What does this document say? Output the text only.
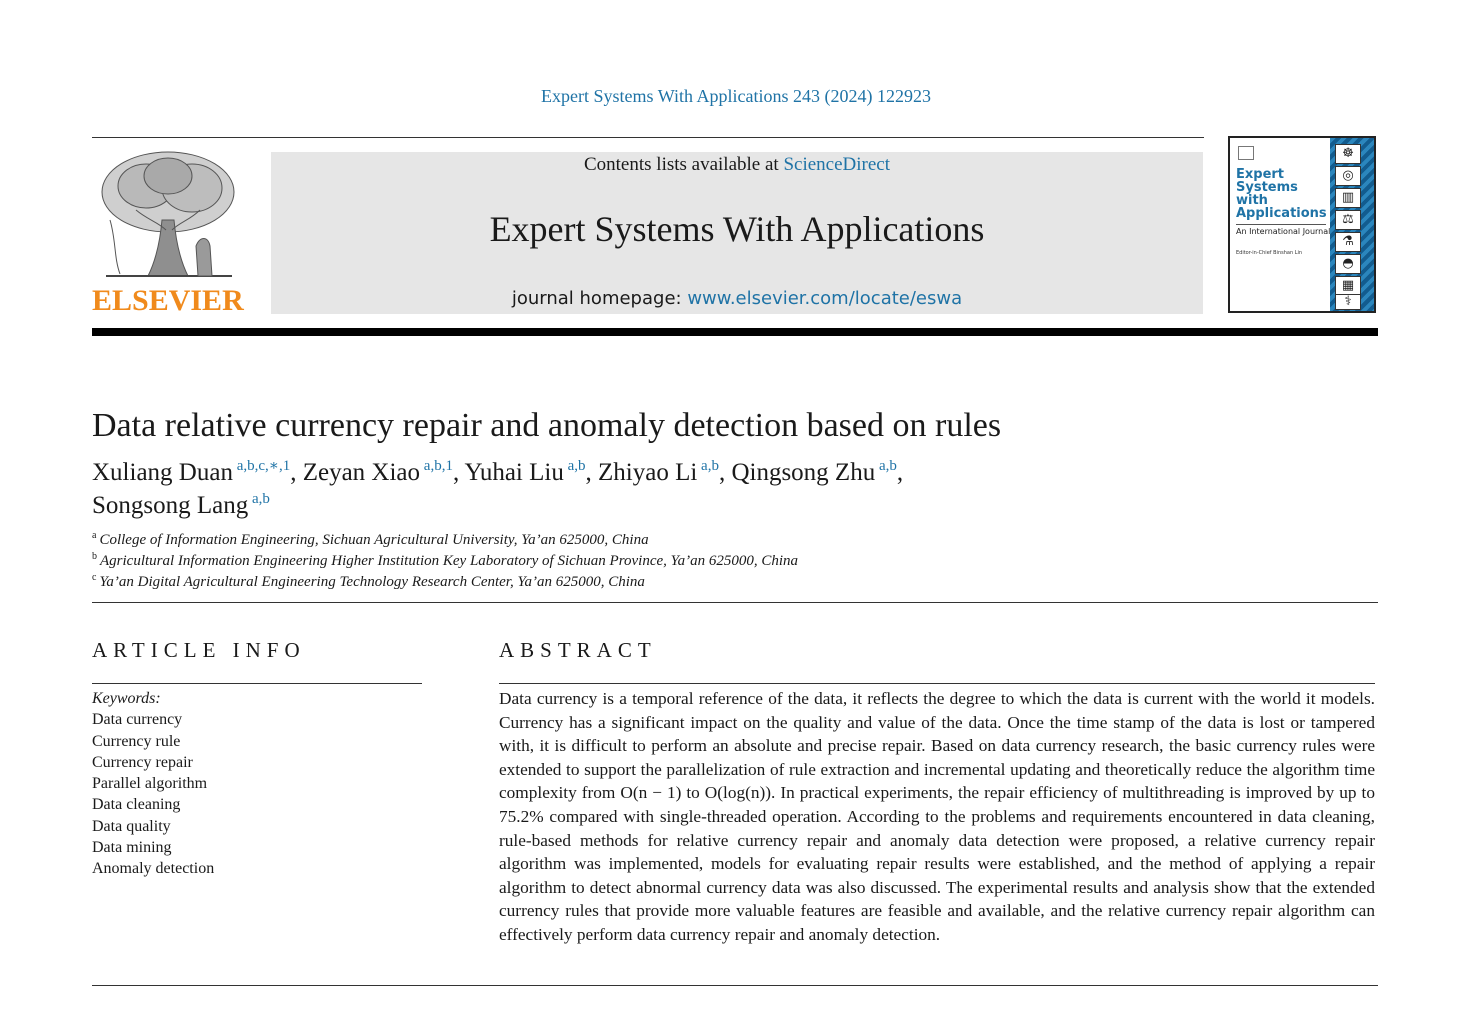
Expert Systems With Applications 243 (2024) 122923
ELSEVIER
Contents lists available at ScienceDirect
Expert Systems With Applications
journal homepage: www.elsevier.com/locate/eswa
Expert
Systems
with
Applications
An International Journal
Editor-in-Chief Binshan Lin
☸
◎
▥
⚖
⚗
◓
▦
⚕
Data relative currency repair and anomaly detection based on rules
Xuliang Duan $^{a,b,c,∗,1}$, Zeyan Xiao $^{a,b,1}$, Yuhai Liu $^{a,b}$, Zhiyao Li $^{a,b}$, Qingsong Zhu $^{a,b}$,
Songsong Lang $^{a,b}$
$^a$ College of Information Engineering, Sichuan Agricultural University, Ya’an 625000, China
$^b$ Agricultural Information Engineering Higher Institution Key Laboratory of Sichuan Province, Ya’an 625000, China
$^c$ Ya’an Digital Agricultural Engineering Technology Research Center, Ya’an 625000, China
ARTICLE INFO
Keywords:
Data currency
Currency rule
Currency repair
Parallel algorithm
Data cleaning
Data quality
Data mining
Anomaly detection
ABSTRACT

Data currency is a temporal reference of the data, it reflects the degree to which the data is current with the world it models. Currency has a significant impact on the quality and value of the data. Once the time stamp of the data is lost or tampered with, it is difficult to perform an absolute and precise repair. Based on data currency research, the basic currency rules were extended to support the parallelization of rule extraction and incremental updating and theoretically reduce the algorithm time complexity from O(n − 1) to O(log(n)). In practical experiments, the repair efficiency of multithreading is improved by up to 75.2% compared with single-threaded operation. According to the problems and requirements encountered in data cleaning, rule-based methods for relative currency repair and anomaly data detection were proposed, a relative currency repair algorithm was implemented, models for evaluating repair results were established, and the method of applying a repair algorithm to detect abnormal currency data was also discussed. The experimental results and analysis show that the extended currency rules that provide more valuable features are feasible and available, and the relative currency repair algorithm can effectively perform data currency repair and anomaly detection.
